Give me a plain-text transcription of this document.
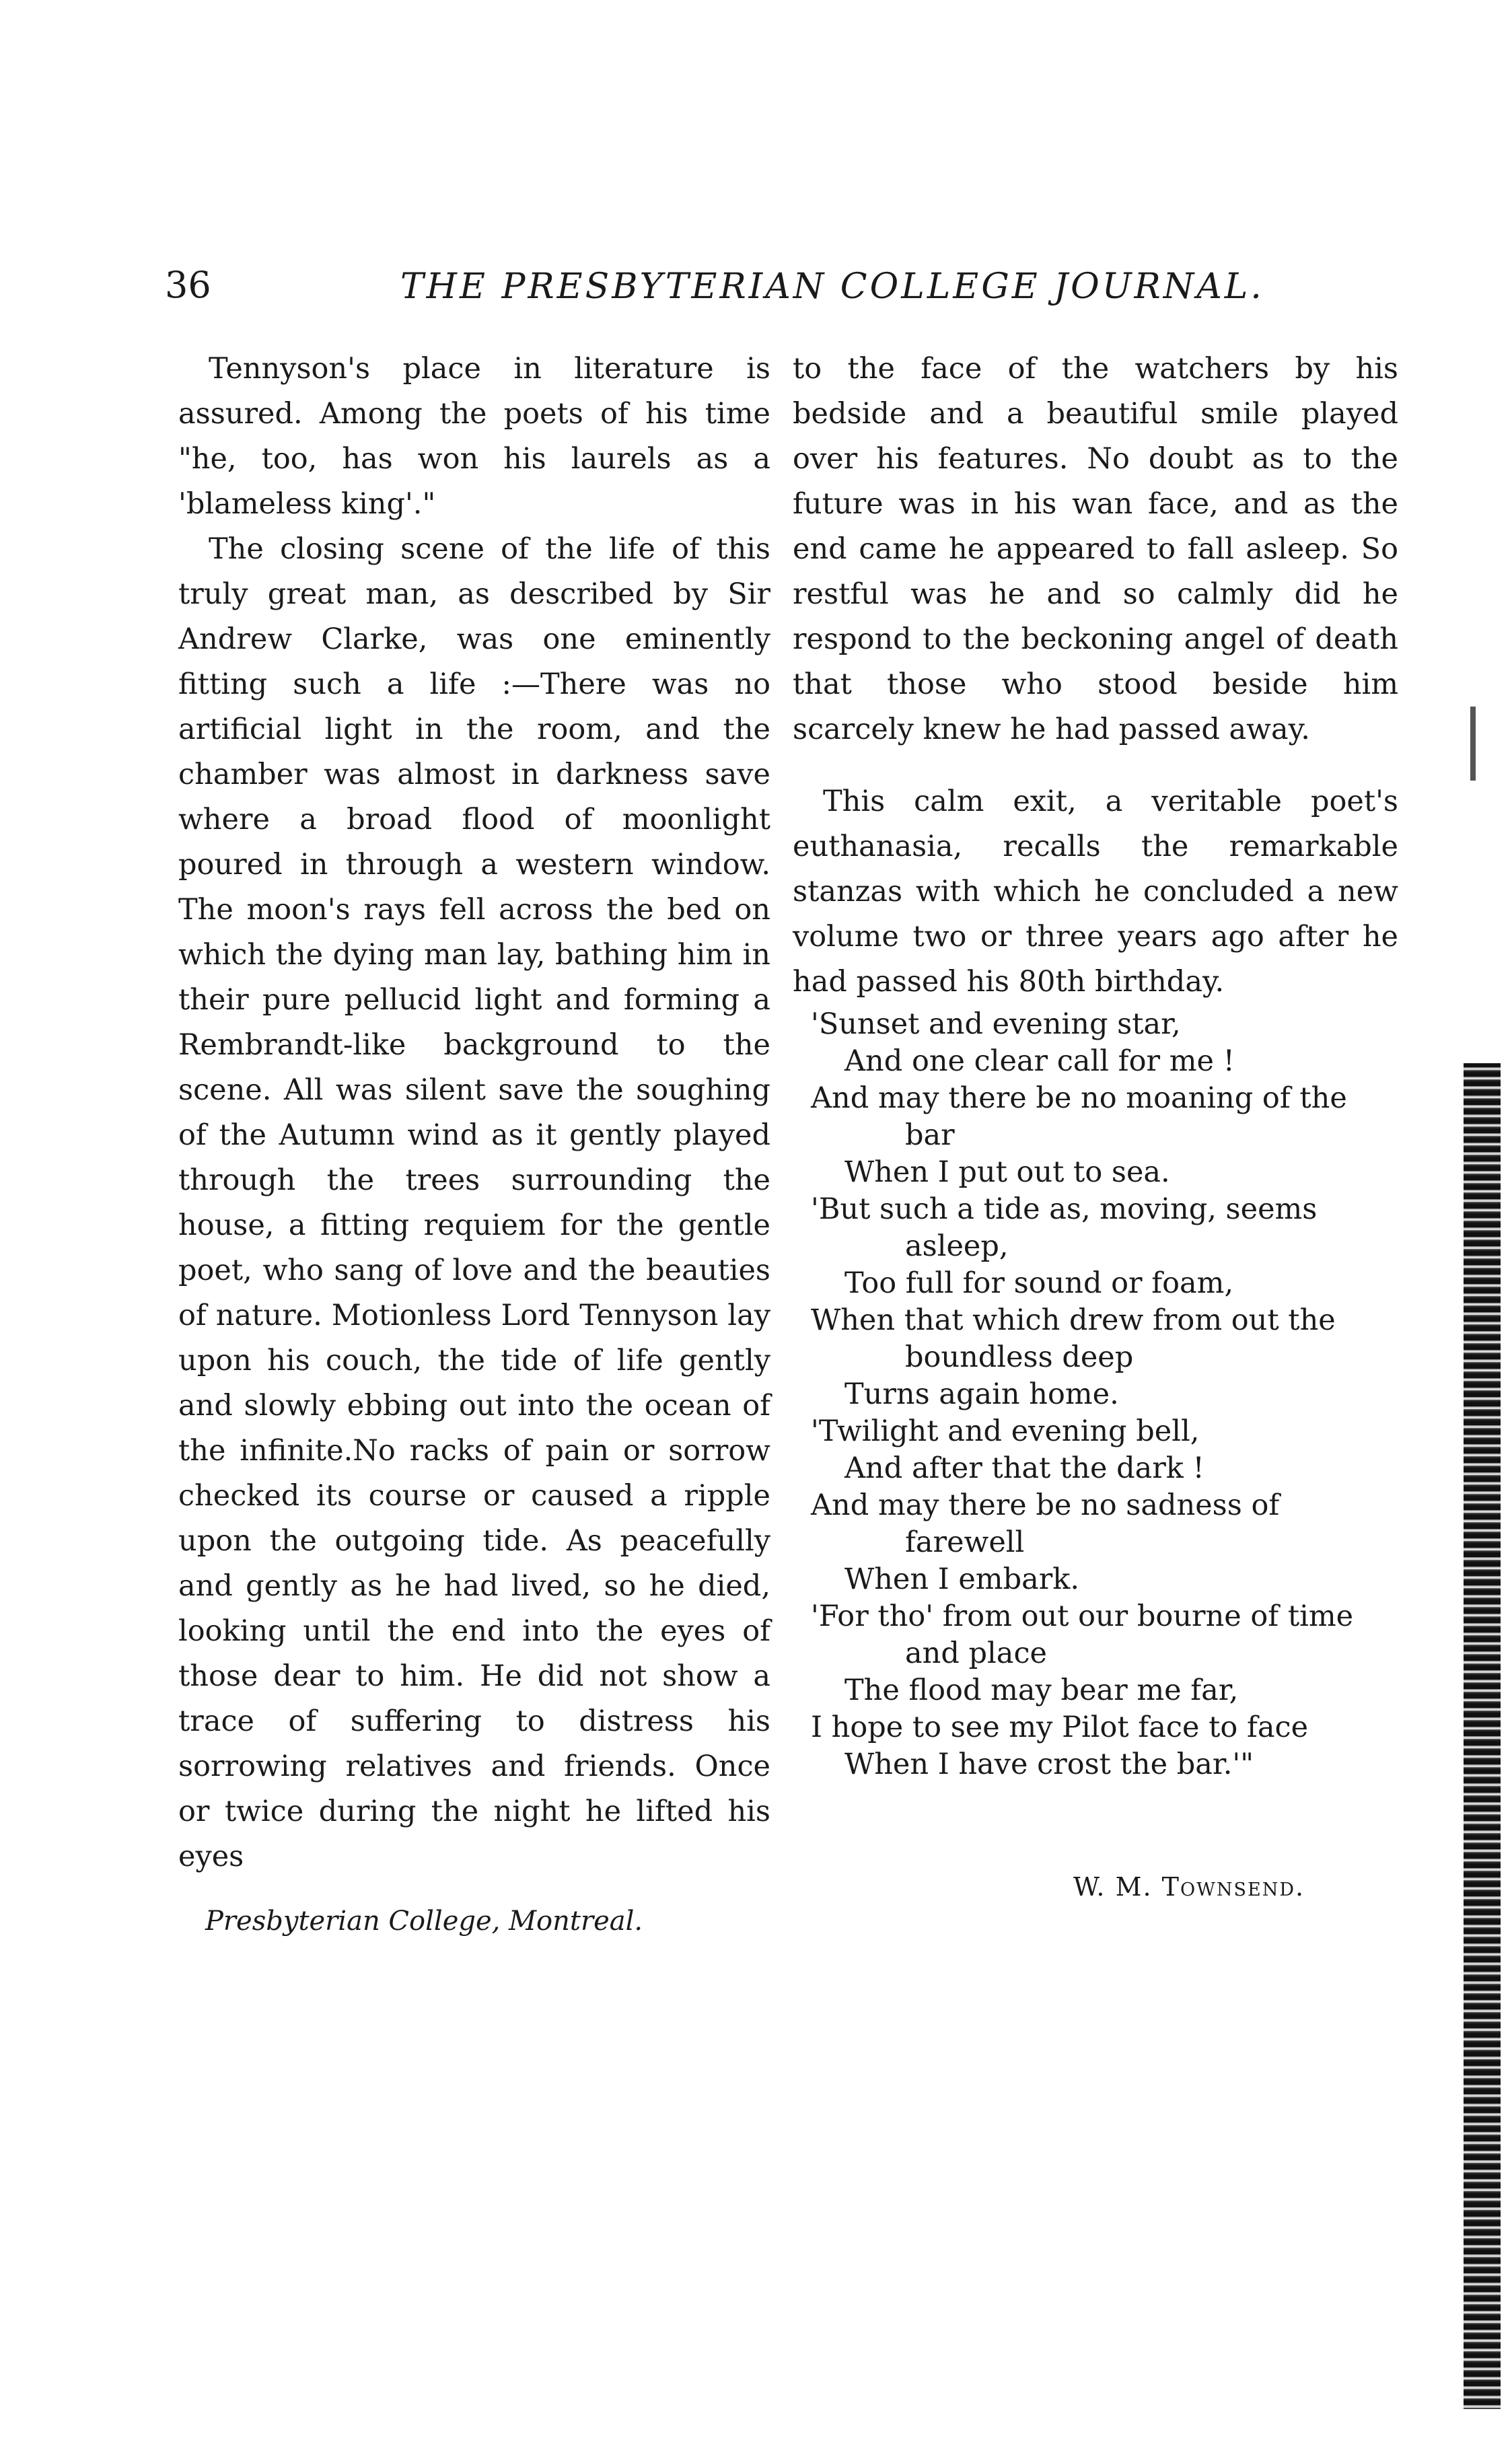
36	THE PRESBYTERIAN COLLEGE JOURNAL.

Tennyson's place in literature is assured. Among the poets of his time "he, too, has won his laurels as a 'blameless king'."

The closing scene of the life of this truly great man, as described by Sir Andrew Clarke, was one eminently fitting such a life :—There was no artificial light in the room, and the chamber was almost in darkness save where a broad flood of moonlight poured in through a western window. The moon's rays fell across the bed on which the dying man lay, bathing him in their pure pellucid light and forming a Rembrandt-like background to the scene. All was silent save the soughing of the Autumn wind as it gently played through the trees surrounding the house, a fitting requiem for the gentle poet, who sang of love and the beauties of nature. Motionless Lord Tennyson lay upon his couch, the tide of life gently and slowly ebbing out into the ocean of the infinite.No racks of pain or sorrow checked its course or caused a ripple upon the outgoing tide. As peacefully and gently as he had lived, so he died, looking until the end into the eyes of those dear to him. He did not show a trace of suffering to distress his sorrowing relatives and friends. Once or twice during the night he lifted his eyes

to the face of the watchers by his bedside and a beautiful smile played over his features. No doubt as to the future was in his wan face, and as the end came he appeared to fall asleep. So restful was he and so calmly did he respond to the beckoning angel of death that those who stood beside him scarcely knew he had passed away.

This calm exit, a veritable poet's euthanasia, recalls the remarkable stanzas with which he concluded a new volume two or three years ago after he had passed his 80th birthday.

'Sunset and evening star,
And one clear call for me !
And may there be no moaning of the
bar
When I put out to sea.
'But such a tide as, moving, seems
asleep,
Too full for sound or foam,
When that which drew from out the
boundless deep
Turns again home.
'Twilight and evening bell,
And after that the dark !
And may there be no sadness of
farewell
When I embark.
'For tho' from out our bourne of time
and place
The flood may bear me far,
I hope to see my Pilot face to face
When I have crost the bar.'"
W. M. Townsend.
Presbyterian College, Montreal.
